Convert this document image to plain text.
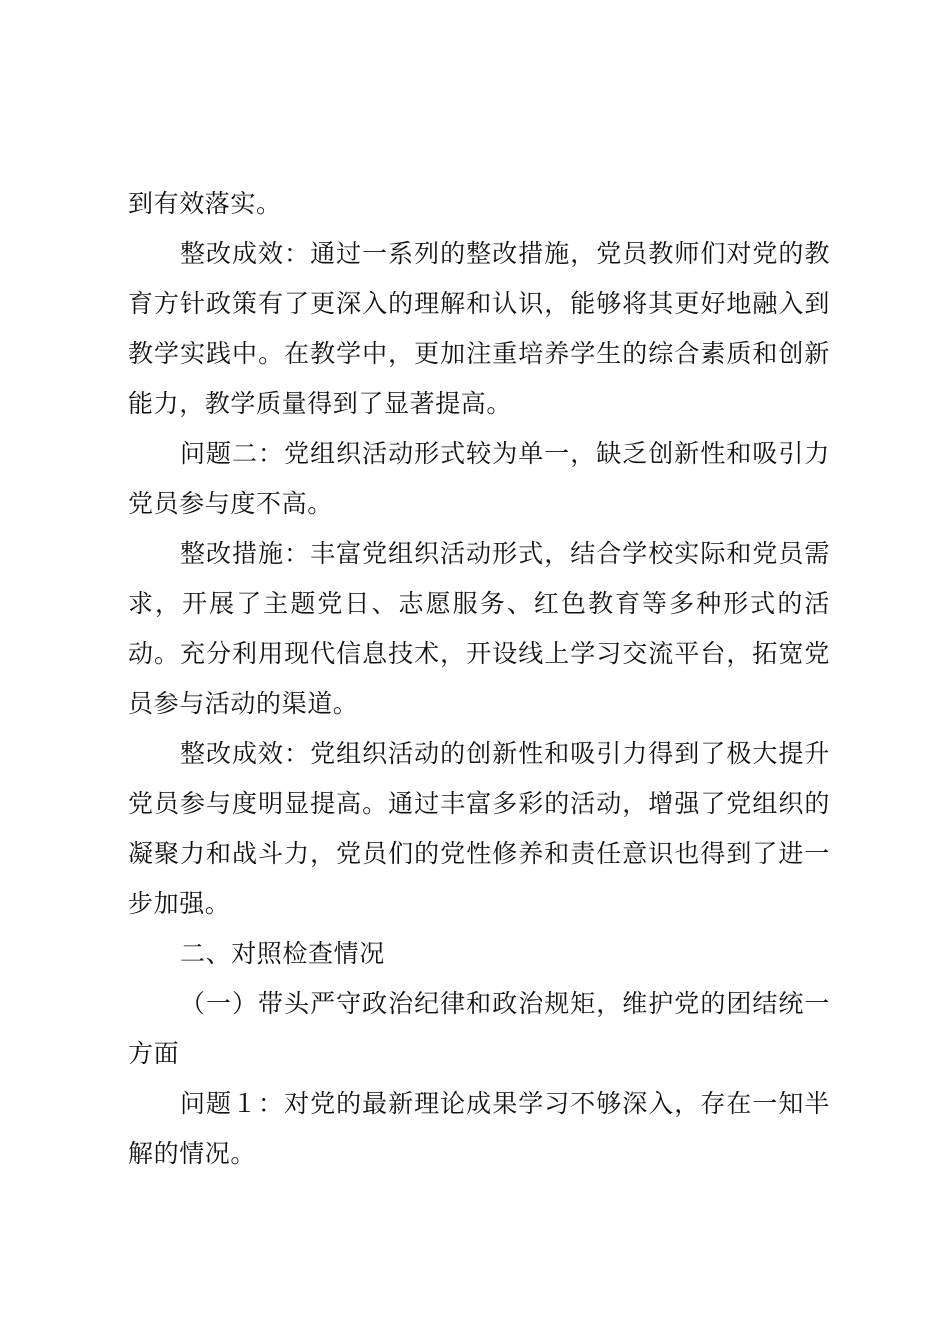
到有效落实。

整改成效：通过一系列的整改措施，党员教师们对党的教育方针政策有了更深入的理解和认识，能够将其更好地融入到教学实践中。在教学中，更加注重培养学生的综合素质和创新能力，教学质量得到了显著提高。

问题二：党组织活动形式较为单一，缺乏创新性和吸引力党员参与度不高。

整改措施：丰富党组织活动形式，结合学校实际和党员需求，开展了主题党日、志愿服务、红色教育等多种形式的活动。充分利用现代信息技术，开设线上学习交流平台，拓宽党员参与活动的渠道。

整改成效：党组织活动的创新性和吸引力得到了极大提升党员参与度明显提高。通过丰富多彩的活动，增强了党组织的凝聚力和战斗力，党员们的党性修养和责任意识也得到了进一步加强。

二、对照检查情况

（一）带头严守政治纪律和政治规矩，维护党的团结统一方面

问题１：对党的最新理论成果学习不够深入，存在一知半解的情况。
